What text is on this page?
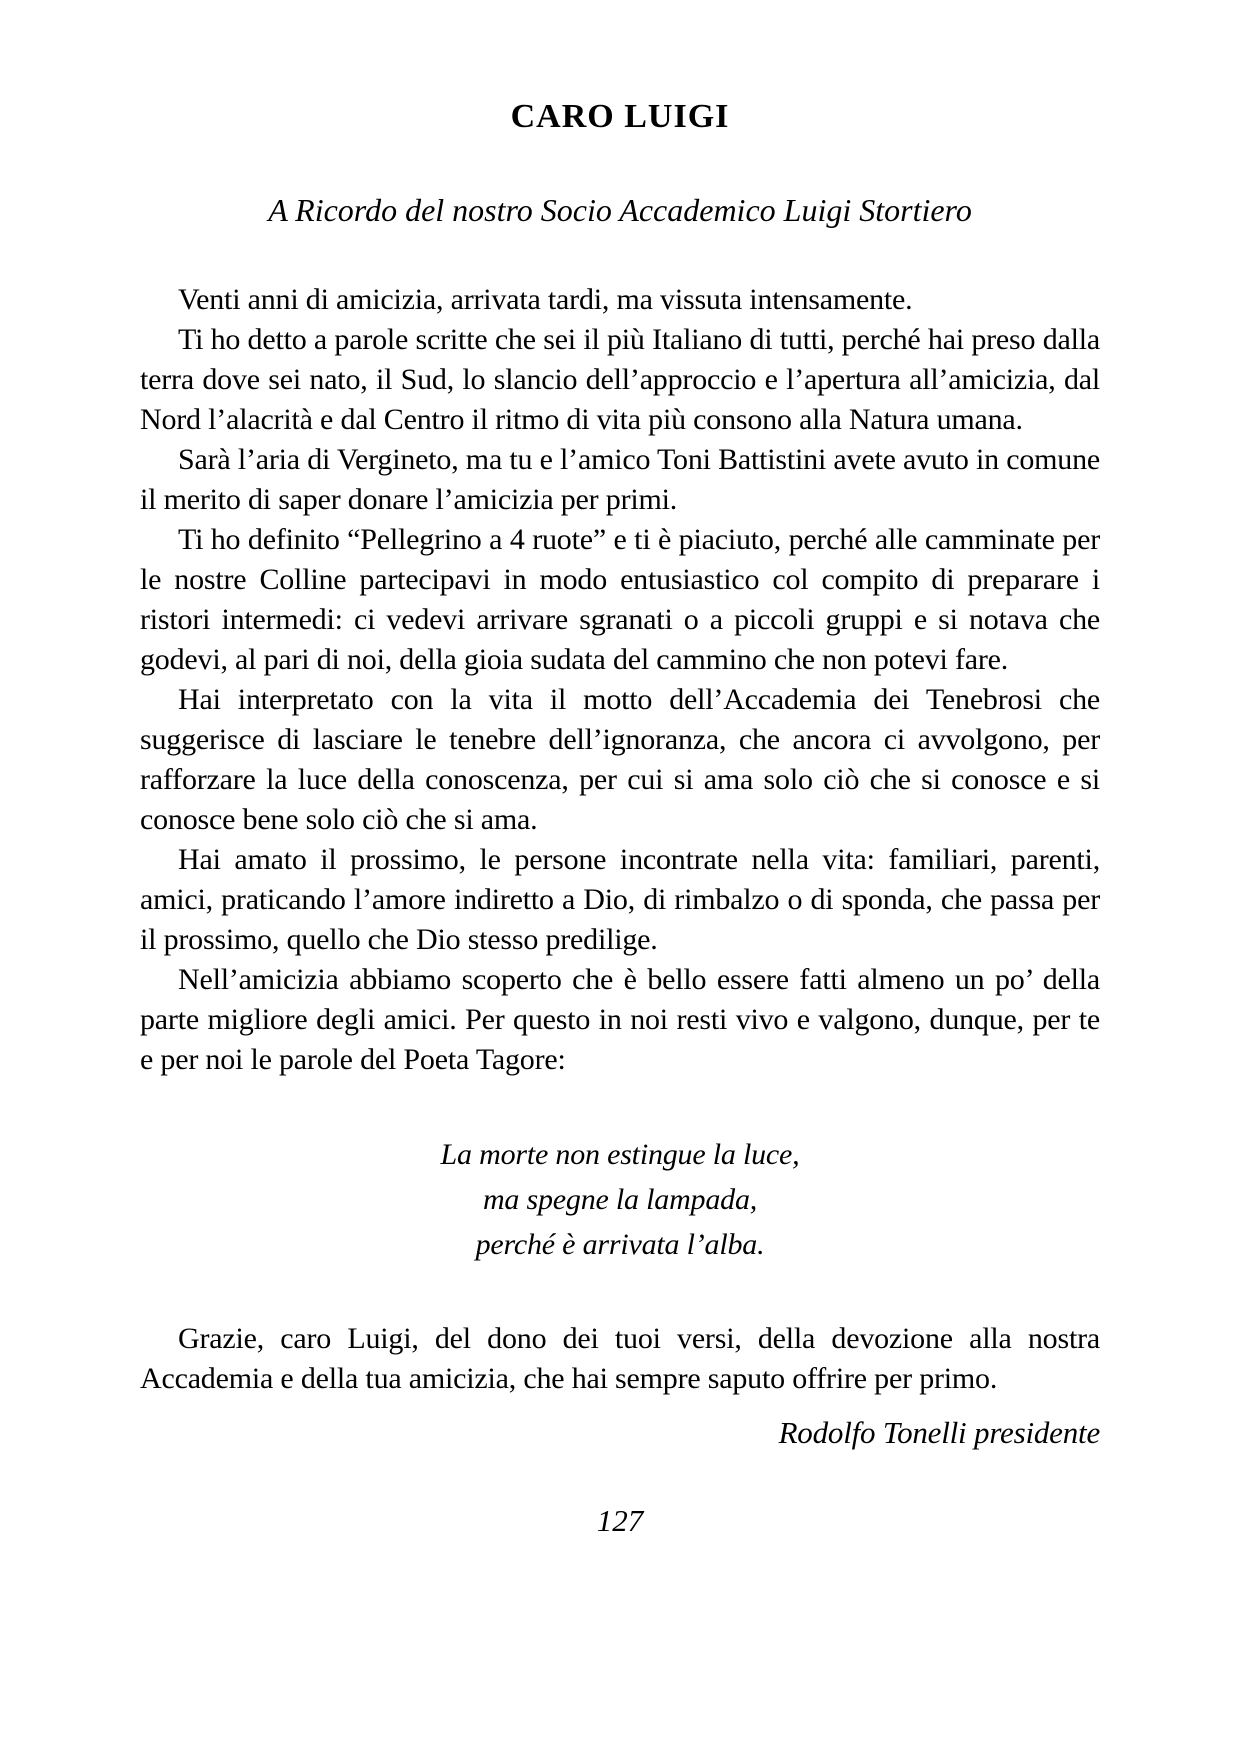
CARO LUIGI

A Ricordo del nostro Socio Accademico Luigi Stortiero

Venti anni di amicizia, arrivata tardi, ma vissuta intensamente.

Ti ho detto a parole scritte che sei il più Italiano di tutti, perché hai preso dalla terra dove sei nato, il Sud, lo slancio dell’approccio e l’apertura all’amicizia, dal Nord l’alacrità e dal Centro il ritmo di vita più consono alla Natura umana.

Sarà l’aria di Vergineto, ma tu e l’amico Toni Battistini avete avuto in comune il merito di saper donare l’amicizia per primi.

Ti ho definito “Pellegrino a 4 ruote” e ti è piaciuto, perché alle camminate per le nostre Colline partecipavi in modo entusiastico col compito di preparare i ristori intermedi: ci vedevi arrivare sgranati o a piccoli gruppi e si notava che godevi, al pari di noi, della gioia sudata del cammino che non potevi fare.

Hai interpretato con la vita il motto dell’Accademia dei Tenebrosi che suggerisce di lasciare le tenebre dell’ignoranza, che ancora ci avvolgono, per rafforzare la luce della conoscenza, per cui si ama solo ciò che si conosce e si conosce bene solo ciò che si ama.

Hai amato il prossimo, le persone incontrate nella vita: familiari, parenti, amici, praticando l’amore indiretto a Dio, di rimbalzo o di sponda, che passa per il prossimo, quello che Dio stesso predilige.

Nell’amicizia abbiamo scoperto che è bello essere fatti almeno un po’ della parte migliore degli amici. Per questo in noi resti vivo e valgono, dunque, per te e per noi le parole del Poeta Tagore:

La morte non estingue la luce,

ma spegne la lampada,

perché è arrivata l’alba.

Grazie, caro Luigi, del dono dei tuoi versi, della devozione alla nostra Accademia e della tua amicizia, che hai sempre saputo offrire per primo.

Rodolfo Tonelli presidente

127
